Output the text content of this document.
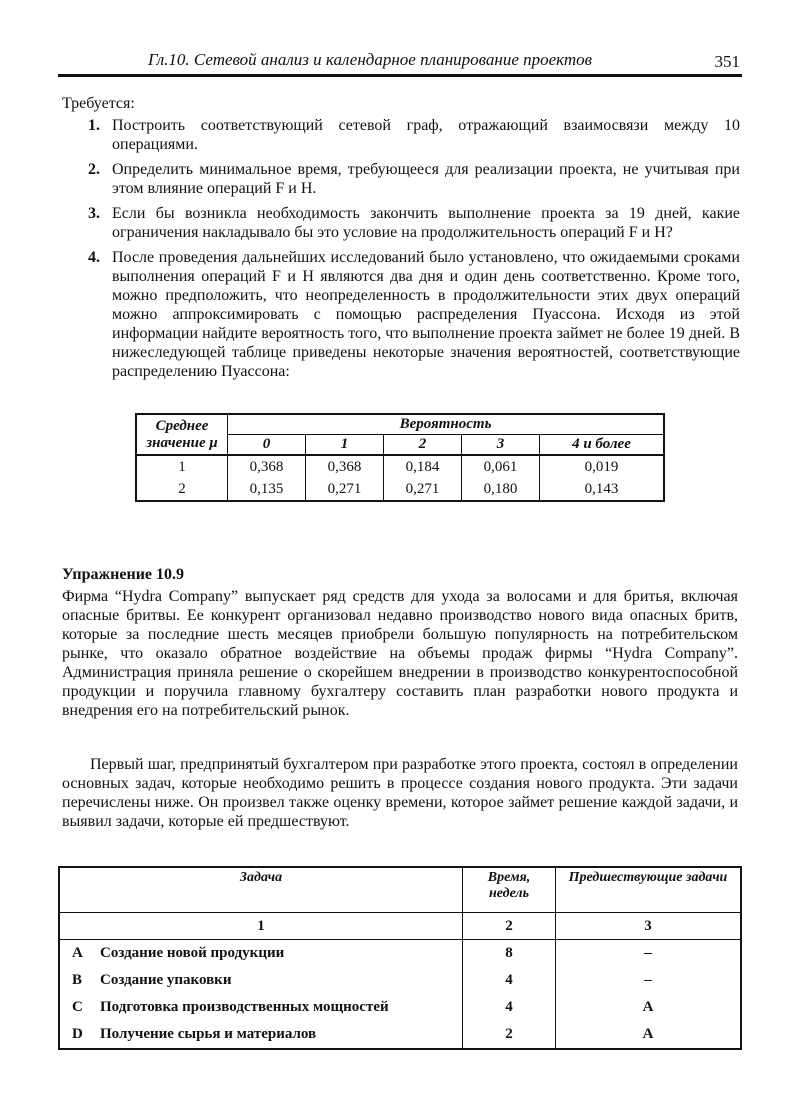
Гл.10. Сетевой анализ и календарное планирование проектов	351
Требуется:
1. Построить соответствующий сетевой граф, отражающий взаимосвязи между 10 операциями.
2. Определить минимальное время, требующееся для реализации проекта, не учитывая при этом влияние операций F и H.
3. Если бы возникла необходимость закончить выполнение проекта за 19 дней, какие ограничения накладывало бы это условие на продолжительность операций F и H?
4. После проведения дальнейших исследований было установлено, что ожидаемыми сроками выполнения операций F и H являются два дня и один день соответственно. Кроме того, можно предположить, что неопределенность в продолжительности этих двух операций можно аппроксимировать с помощью распределения Пуассона. Исходя из этой информации найдите вероятность того, что выполнение проекта займет не более 19 дней. В нижеследующей таблице приведены некоторые значения вероятностей, соответствующие распределению Пуассона:
Среднее значение μ	Вероятность				
	0	1	2	3	4 и более
1	0,368	0,368	0,184	0,061	0,019
2	0,135	0,271	0,271	0,180	0,143
Упражнение 10.9
Фирма “Hydra Company” выпускает ряд средств для ухода за волосами и для бритья, включая опасные бритвы. Ее конкурент организовал недавно производство нового вида опасных бритв, которые за последние шесть месяцев приобрели большую популярность на потребительском рынке, что оказало обратное воздействие на объемы продаж фирмы “Hydra Company”. Администрация приняла решение о скорейшем внедрении в производство конкурентоспособной продукции и поручила главному бухгалтеру составить план разработки нового продукта и внедрения его на потребительский рынок.
Первый шаг, предпринятый бухгалтером при разработке этого проекта, состоял в определении основных задач, которые необходимо решить в процессе создания нового продукта. Эти задачи перечислены ниже. Он произвел также оценку времени, которое займет решение каждой задачи, и выявил задачи, которые ей предшествуют.
Задача		Время, недель	Предшествующие задачи
1		2	3
A	Создание новой продукции	8	–
B	Создание упаковки	4	–
C	Подготовка производственных мощностей	4	A
D	Получение сырья и материалов	2	A
